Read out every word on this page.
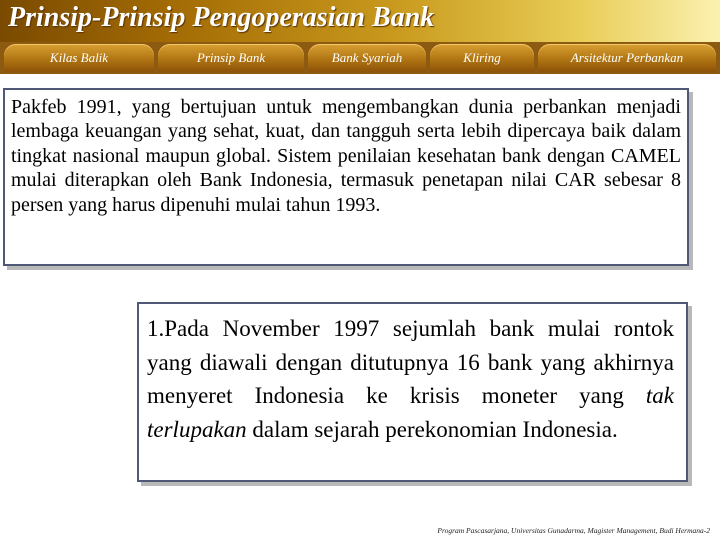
Prinsip-Prinsip Pengoperasian Bank
Kilas Balik	Prinsip Bank	Bank Syariah	Kliring	Arsitektur Perbankan
Pakfeb 1991, yang bertujuan untuk mengembangkan dunia perbankan menjadi lembaga keuangan yang sehat, kuat, dan tangguh serta lebih dipercaya baik dalam tingkat nasional maupun global. Sistem penilaian kesehatan bank dengan CAMEL mulai diterapkan oleh Bank Indonesia, termasuk penetapan nilai CAR sebesar 8 persen yang harus dipenuhi mulai tahun 1993.
1.Pada November 1997 sejumlah bank mulai rontok yang diawali dengan ditutupnya 16 bank yang akhirnya menyeret Indonesia ke krisis moneter yang tak terlupakan dalam sejarah perekonomian Indonesia.
Program Pascasarjana, Universitas Gunadarma, Magister Management, Budi Hermana-2
